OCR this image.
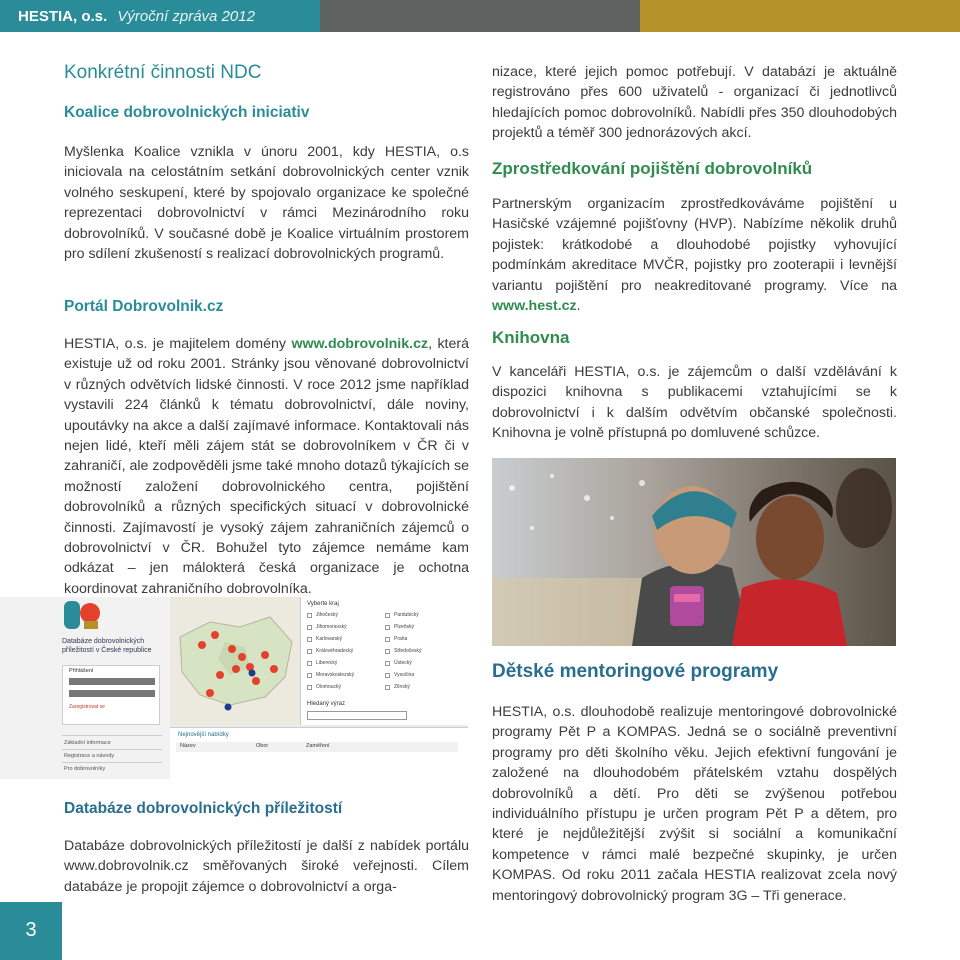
HESTIA, o.s. Výroční zpráva 2012
Konkrétní činnosti NDC
Koalice dobrovolnických iniciativ
Myšlenka Koalice vznikla v únoru 2001, kdy HESTIA, o.s iniciovala na celostátním setkání dobrovolnických center vznik volného seskupení, které by spojovalo organizace ke společné reprezentaci dobrovolnictví v rámci Mezinárodního roku dobrovolníků. V současné době je Koalice virtuálním prostorem pro sdílení zkušeností s realizací dobrovolnických programů.
Portál Dobrovolnik.cz
HESTIA, o.s. je majitelem domény www.dobrovolnik.cz, která existuje už od roku 2001. Stránky jsou věnované dobrovolnictví v různých odvětvích lidské činnosti. V roce 2012 jsme například vystavili 224 článků k tématu dobrovolnictví, dále noviny, upoutávky na akce a další zajímavé informace. Kontaktovali nás nejen lidé, kteří měli zájem stát se dobrovolníkem v ČR či v zahraničí, ale zodpověděli jsme také mnoho dotazů týkajících se možností založení dobrovolnického centra, pojištění dobrovolníků a různých specifických situací v dobrovolnické činnosti. Zajímavostí je vysoký zájem zahraničních zájemců o dobrovolnictví v ČR. Bohužel tyto zájemce nemáme kam odkázat – jen málokterá česká organizace je ochotna koordinovat zahraničního dobrovolníka.
Databáze dobrovolnických příležitostí v České republice
Přihlášení
Zaregistrovat se
Základní informace
Registrace a návody
Pro dobrovolníky
Vyberte kraj
Jihočeský
Jihomoravský
Karlovarský
Královéhradecký
Liberecký
Moravskoslezský
Olomoucký
Pardubický
Plzeňský
Praha
Středočeský
Ústecký
Vysočina
Zlínský
Hledaný výraz
Nejnovější nabídky
Název	Obor	Zaměření
Databáze dobrovolnických příležitostí
Databáze dobrovolnických příležitostí je další z nabídek portálu www.dobrovolnik.cz směřovaných široké veřejnosti. Cílem databáze je propojit zájemce o dobrovolnictví a orga-
nizace, které jejich pomoc potřebují. V databázi je aktuálně registrováno přes 600 uživatelů - organizací či jednotlivců hledajících pomoc dobrovolníků. Nabídli přes 350 dlouhodobých projektů a téměř 300 jednorázových akcí.
Zprostředkování pojištění dobrovolníků
Partnerským organizacím zprostředkováváme pojištění u Hasičské vzájemné pojišťovny (HVP). Nabízíme několik druhů pojistek: krátkodobé a dlouhodobé pojistky vyhovující podmínkám akreditace MVČR, pojistky pro zooterapii i levnější variantu pojištění pro neakreditované programy. Více na www.hest.cz.
Knihovna
V kanceláři HESTIA, o.s. je zájemcům o další vzdělávání k dispozici knihovna s publikacemi vztahujícími se k dobrovolnictví i k dalším odvětvím občanské společnosti. Knihovna je volně přístupná po domluvené schůzce.
Dětské mentoringové programy
HESTIA, o.s. dlouhodobě realizuje mentoringové dobrovolnické programy Pět P a KOMPAS. Jedná se o sociálně preventivní programy pro děti školního věku. Jejich efektivní fungování je založené na dlouhodobém přátelském vztahu dospělých dobrovolníků a dětí. Pro děti se zvýšenou potřebou individuálního přístupu je určen program Pět P a dětem, pro které je nejdůležitější zvýšit si sociální a komunikační kompetence v rámci malé bezpečné skupinky, je určen KOMPAS. Od roku 2011 začala HESTIA realizovat zcela nový mentoringový dobrovolnický program 3G – Tři generace.
3
